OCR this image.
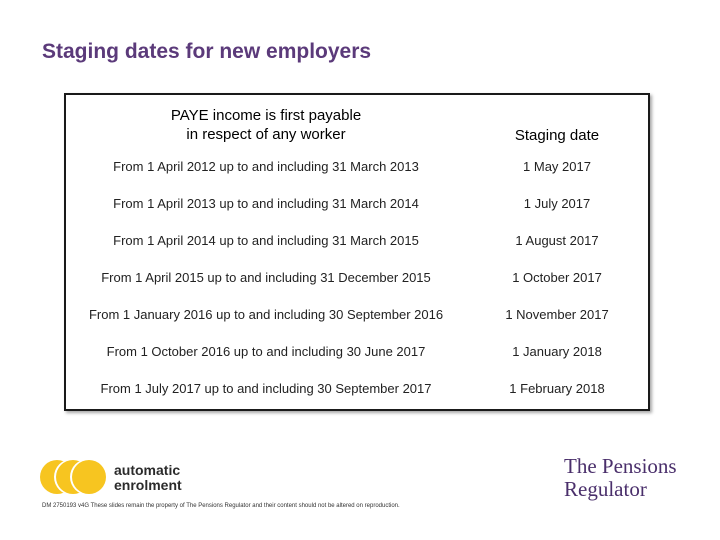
Staging dates for new employers
PAYE income is first payable
in respect of any worker	Staging date

From 1 April 2012 up to and including 31 March 2013	1 May 2017
From 1 April 2013 up to and including 31 March 2014	1 July 2017
From 1 April 2014 up to and including 31 March 2015	1 August 2017
From 1 April 2015 up to and including 31 December 2015	1 October 2017
From 1 January 2016 up to and including 30 September 2016	1 November 2017
From 1 October 2016 up to and including 30 June 2017	1 January 2018
From 1 July 2017 up to and including 30 September 2017	1 February 2018
automatic
enrolment
The Pensions
Regulator
DM 2750193 v4G These slides remain the property of The Pensions Regulator and their content should not be altered on reproduction.
